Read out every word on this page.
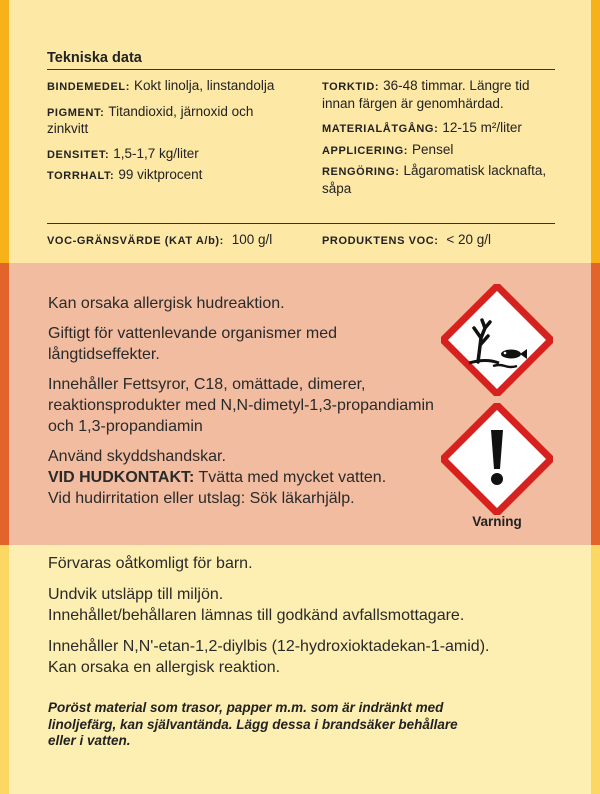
Tekniska data
BINDEMEDEL: Kokt linolja, linstandolja
PIGMENT: Titandioxid, järnoxid och zinkvitt
DENSITET: 1,5-1,7 kg/liter
TORRHALT: 99 viktprocent
TORKTID: 36-48 timmar. Längre tid innan färgen är genomhärdad.
MATERIALÅTGÅNG: 12-15 m²/liter
APPLICERING: Pensel
RENGÖRING: Lågaromatisk lacknafta, såpa
VOC-GRÄNSVÄRDE (KAT A/b): 100 g/l	PRODUKTENS VOC: < 20 g/l

Kan orsaka allergisk hudreaktion.

Giftigt för vattenlevande organismer med långtidseffekter.

Innehåller Fettsyror, C18, omättade, dimerer, reaktionsprodukter med N,N-dimetyl-1,3-propandiamin och 1,3-propandiamin

Använd skyddshandskar.

VID HUDKONTAKT: Tvätta med mycket vatten.

Vid hudirritation eller utslag: Sök läkarhjälp.

Varning

Förvaras oåtkomligt för barn.

Undvik utsläpp till miljön.

Innehållet/behållaren lämnas till godkänd avfallsmottagare.

Innehåller N,N'-etan-1,2-diylbis (12-hydroxioktadekan-1-amid).

Kan orsaka en allergisk reaktion.

Poröst material som trasor, papper m.m. som är indränkt med linoljefärg, kan självantända. Lägg dessa i brandsäker behållare eller i vatten.
